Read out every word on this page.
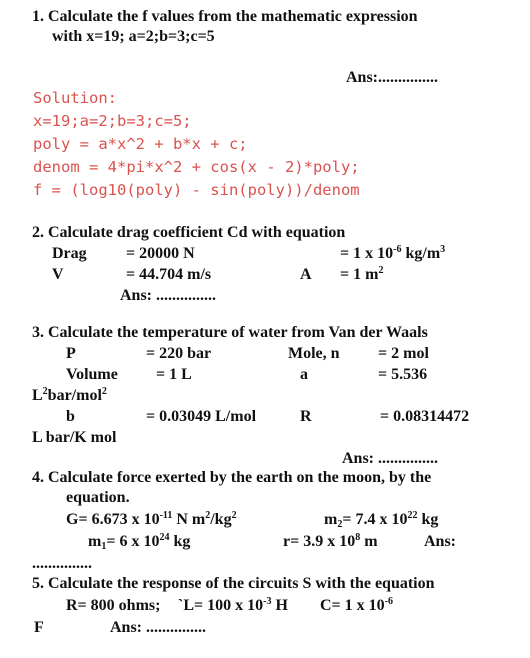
1. Calculate the f values from the mathematic expression
with x=19; a=2;b=3;c=5
Ans:...............
Solution:
x=19;a=2;b=3;c=5;
poly = a*x^2 + b*x + c;
denom = 4*pi*x^2 + cos(x - 2)*poly;
f = (log10(poly) - sin(poly))/denom
2. Calculate drag coefficient Cd with equation
Drag = 20000 N	= 1 x $10^{-6}$ $kg/m^3$
V	= 44.704 m/s	A = 1 $m^2$
Ans: ...............
3. Calculate the temperature of water from Van der Waals
P	= 220 bar	Mole, n = 2 mol
Volume = 1 L	a	= 5.536
$L^2bar/mol^2$
b	= 0.03049 L/mol	R	= 0.08314472
L bar/K mol
Ans: ...............
4. Calculate force exerted by the earth on the moon, by the
equation.
G= 6.673 x $10^{-11}$ N $m^2/kg^2$	$m_2= 7.4$ x $10^{22}$ kg
$m_1= 6$ x $10^{24}$ kg	r= 3.9 x $10^8$ m	Ans:
...............
5. Calculate the response of the circuits S with the equation
R= 800 ohms; `L= 100 x $10^{-3}$ H C= 1 x $10^{-6}$
F	Ans: ...............
